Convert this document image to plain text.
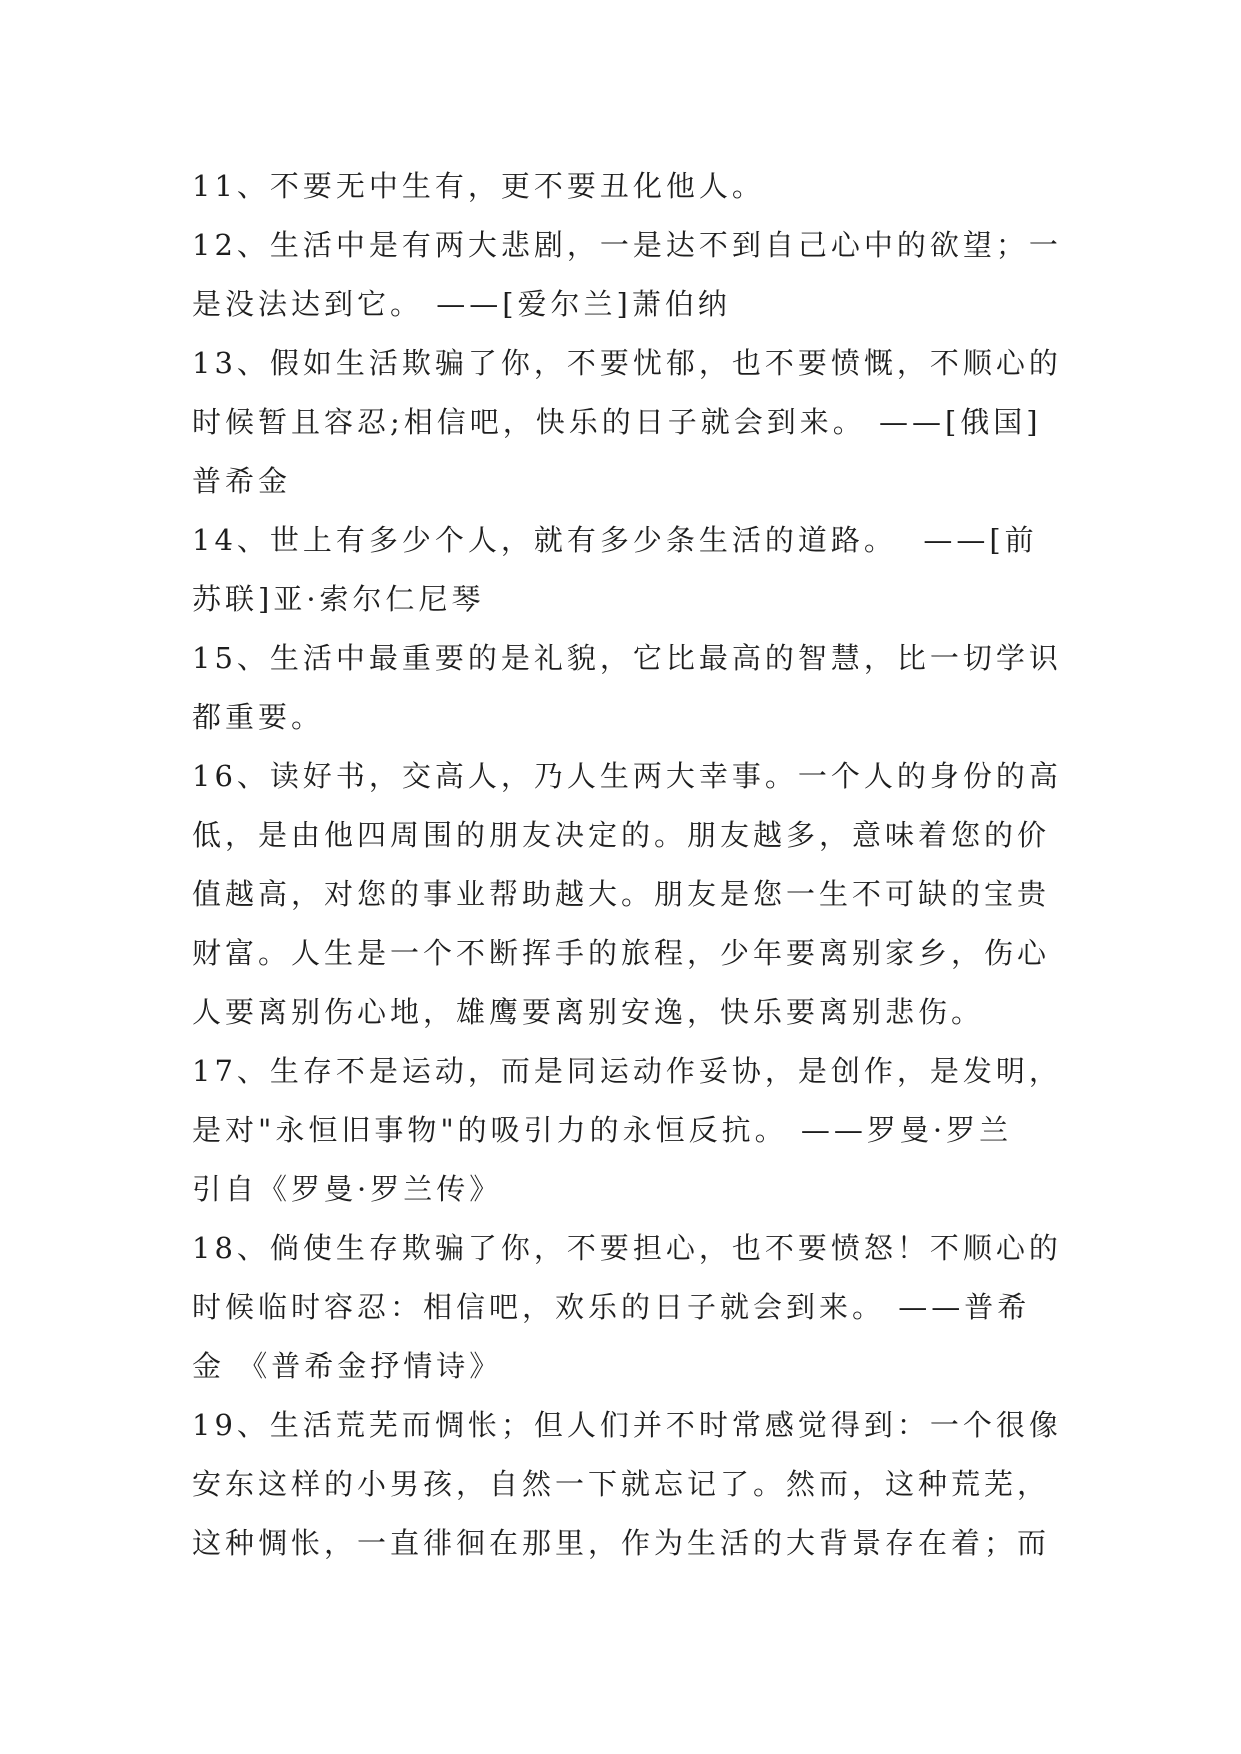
11、不要无中生有，更不要丑化他人。
12、生活中是有两大悲剧，一是达不到自己心中的欲望；一
是没法达到它。 ——[爱尔兰]萧伯纳
13、假如生活欺骗了你，不要忧郁，也不要愤慨，不顺心的
时候暂且容忍;相信吧，快乐的日子就会到来。 ——[俄国]
普希金
14、世上有多少个人，就有多少条生活的道路。  ——[前
苏联]亚·索尔仁尼琴
15、生活中最重要的是礼貌，它比最高的智慧，比一切学识
都重要。
16、读好书，交高人，乃人生两大幸事。一个人的身份的高
低，是由他四周围的朋友决定的。朋友越多，意味着您的价
值越高，对您的事业帮助越大。朋友是您一生不可缺的宝贵
财富。人生是一个不断挥手的旅程，少年要离别家乡，伤心
人要离别伤心地，雄鹰要离别安逸，快乐要离别悲伤。
17、生存不是运动，而是同运动作妥协，是创作，是发明，
是对"永恒旧事物"的吸引力的永恒反抗。 ——罗曼·罗兰
引自《罗曼·罗兰传》
18、倘使生存欺骗了你，不要担心，也不要愤怒！不顺心的
时候临时容忍：相信吧，欢乐的日子就会到来。 ——普希
金 《普希金抒情诗》
19、生活荒芜而惆怅；但人们并不时常感觉得到：一个很像
安东这样的小男孩，自然一下就忘记了。然而，这种荒芜，
这种惆怅，一直徘徊在那里，作为生活的大背景存在着；而
